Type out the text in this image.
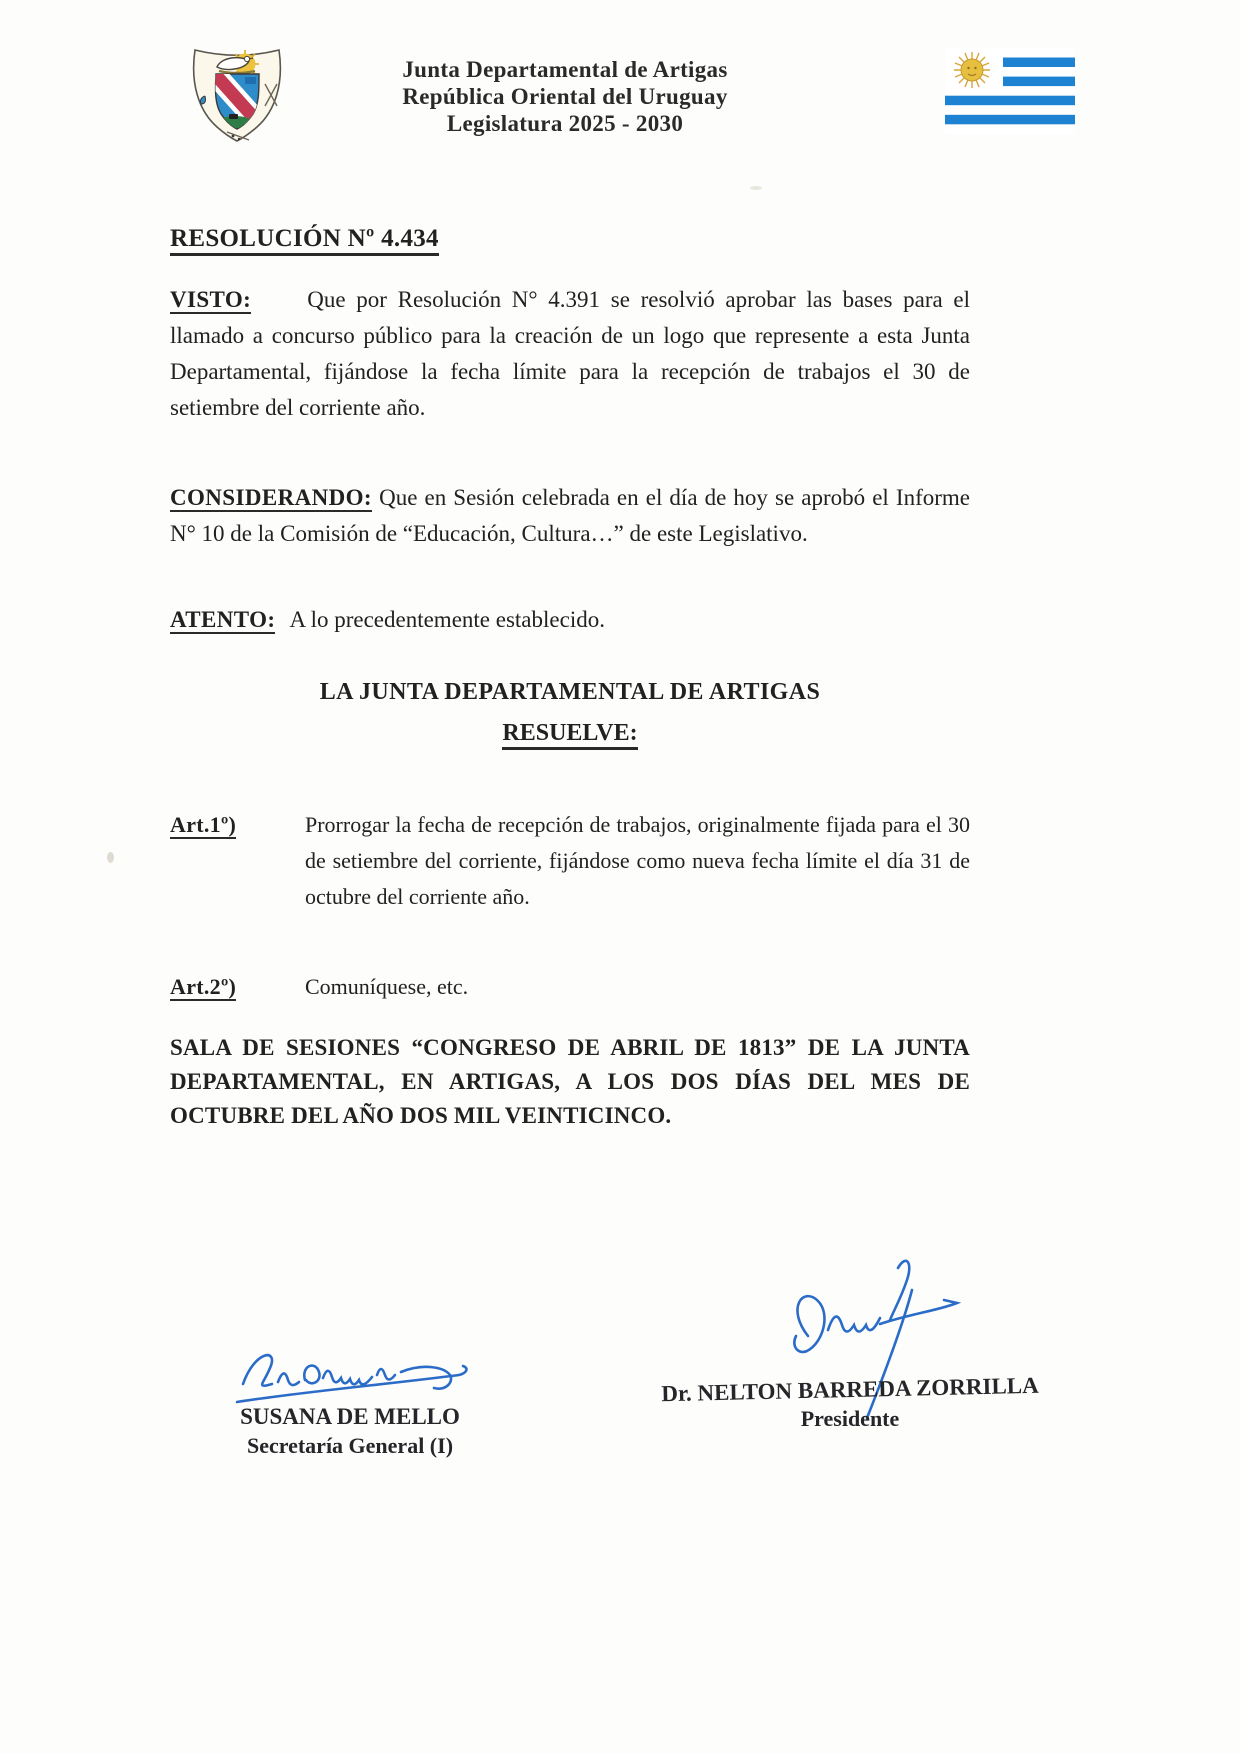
Junta Departamental de Artigas
República Oriental del Uruguay
Legislatura 2025 - 2030
RESOLUCIÓN Nº 4.434

VISTO: Que por Resolución N° 4.391 se resolvió aprobar las bases para el llamado a concurso público para la creación de un logo que represente a esta Junta Departamental, fijándose la fecha límite para la recepción de trabajos el 30 de setiembre del corriente año.

CONSIDERANDO: Que en Sesión celebrada en el día de hoy se aprobó el Informe N° 10 de la Comisión de “Educación, Cultura…” de este Legislativo.

ATENTO: A lo precedentemente establecido.

LA JUNTA DEPARTAMENTAL DE ARTIGAS
RESUELVE:
Art.1º)	Prorrogar la fecha de recepción de trabajos, originalmente fijada para el 30 de setiembre del corriente, fijándose como nueva fecha límite el día 31 de octubre del corriente año.
Art.2º)	Comuníquese, etc.

SALA DE SESIONES “CONGRESO DE ABRIL DE 1813” DE LA JUNTA DEPARTAMENTAL, EN ARTIGAS, A LOS DOS DÍAS DEL MES DE OCTUBRE DEL AÑO DOS MIL VEINTICINCO.

SUSANA DE MELLO
Secretaría General (I)
Dr. NELTON BARREDA ZORRILLA
Presidente
